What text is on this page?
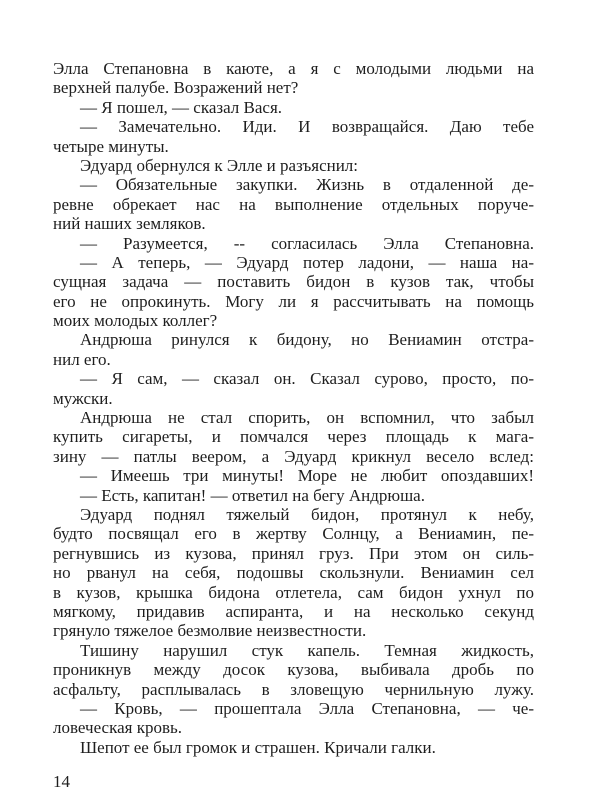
Элла Степановна в каюте, а я с молодыми людьми на
верхней палубе. Возражений нет?
— Я пошел, — сказал Вася.
— Замечательно. Иди. И возвращайся. Даю тебе
четыре минуты.
Эдуард обернулся к Элле и разъяснил:
— Обязательные закупки. Жизнь в отдаленной де-
ревне обрекает нас на выполнение отдельных поруче-
ний наших земляков.
— Разумеется, -- согласилась Элла Степановна.
— А теперь, — Эдуард потер ладони, — наша на-
сущная задача — поставить бидон в кузов так, чтобы
его не опрокинуть. Могу ли я рассчитывать на помощь
моих молодых коллег?
Андрюша ринулся к бидону, но Вениамин отстра-
нил его.
— Я сам, — сказал он. Сказал сурово, просто, по-
мужски.
Андрюша не стал спорить, он вспомнил, что забыл
купить сигареты, и помчался через площадь к мага-
зину — патлы веером, а Эдуард крикнул весело вслед:
— Имеешь три минуты! Море не любит опоздавших!
— Есть, капитан! — ответил на бегу Андрюша.
Эдуард поднял тяжелый бидон, протянул к небу,
будто посвящал его в жертву Солнцу, а Вениамин, пе-
регнувшись из кузова, принял груз. При этом он силь-
но рванул на себя, подошвы скользнули. Вениамин сел
в кузов, крышка бидона отлетела, сам бидон ухнул по
мягкому, придавив аспиранта, и на несколько секунд
грянуло тяжелое безмолвие неизвестности.
Тишину нарушил стук капель. Темная жидкость,
проникнув между досок кузова, выбивала дробь по
асфальту, расплывалась в зловещую чернильную лужу.
— Кровь, — прошептала Элла Степановна, — че-
ловеческая кровь.
Шепот ее был громок и страшен. Кричали галки.
14
